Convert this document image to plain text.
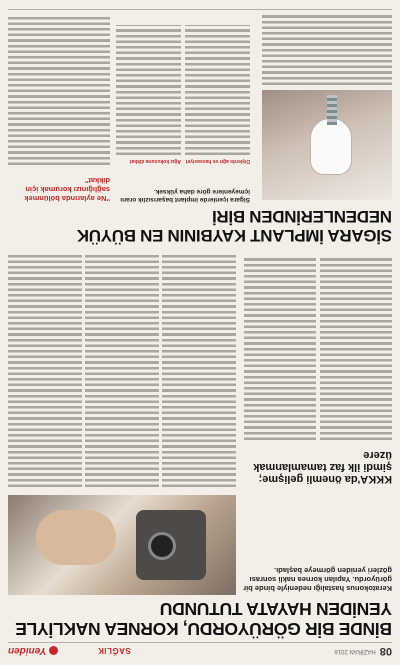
08
HAZİRAN 2016
SAĞLIK
Yeniden
BİNDE BİR GÖRÜYORDU, KORNEA NAKLİYLE YENİDEN HAYATA TUTUNDU
Keratokonus hastalığı nedeniyle binde bir görüyordu. Yapılan kornea nakli sonrası gözleri yeniden görmeye başladı.
KKKA'da önemli gelişme; şimdi ilk faz tamamlanmak üzere
SİGARA İMPLANT KAYBININ EN BÜYÜK NEDENLERİNDEN BİRİ
Sigara içenlerde implant başarısızlık oranı içmeyenlere göre daha yüksek.
Dişlerde ağrı ve hassasiyet
Ağız kokusuna dikkat
"Ne aylarında bölünmek sağlığınızı korumak için dikkat"
